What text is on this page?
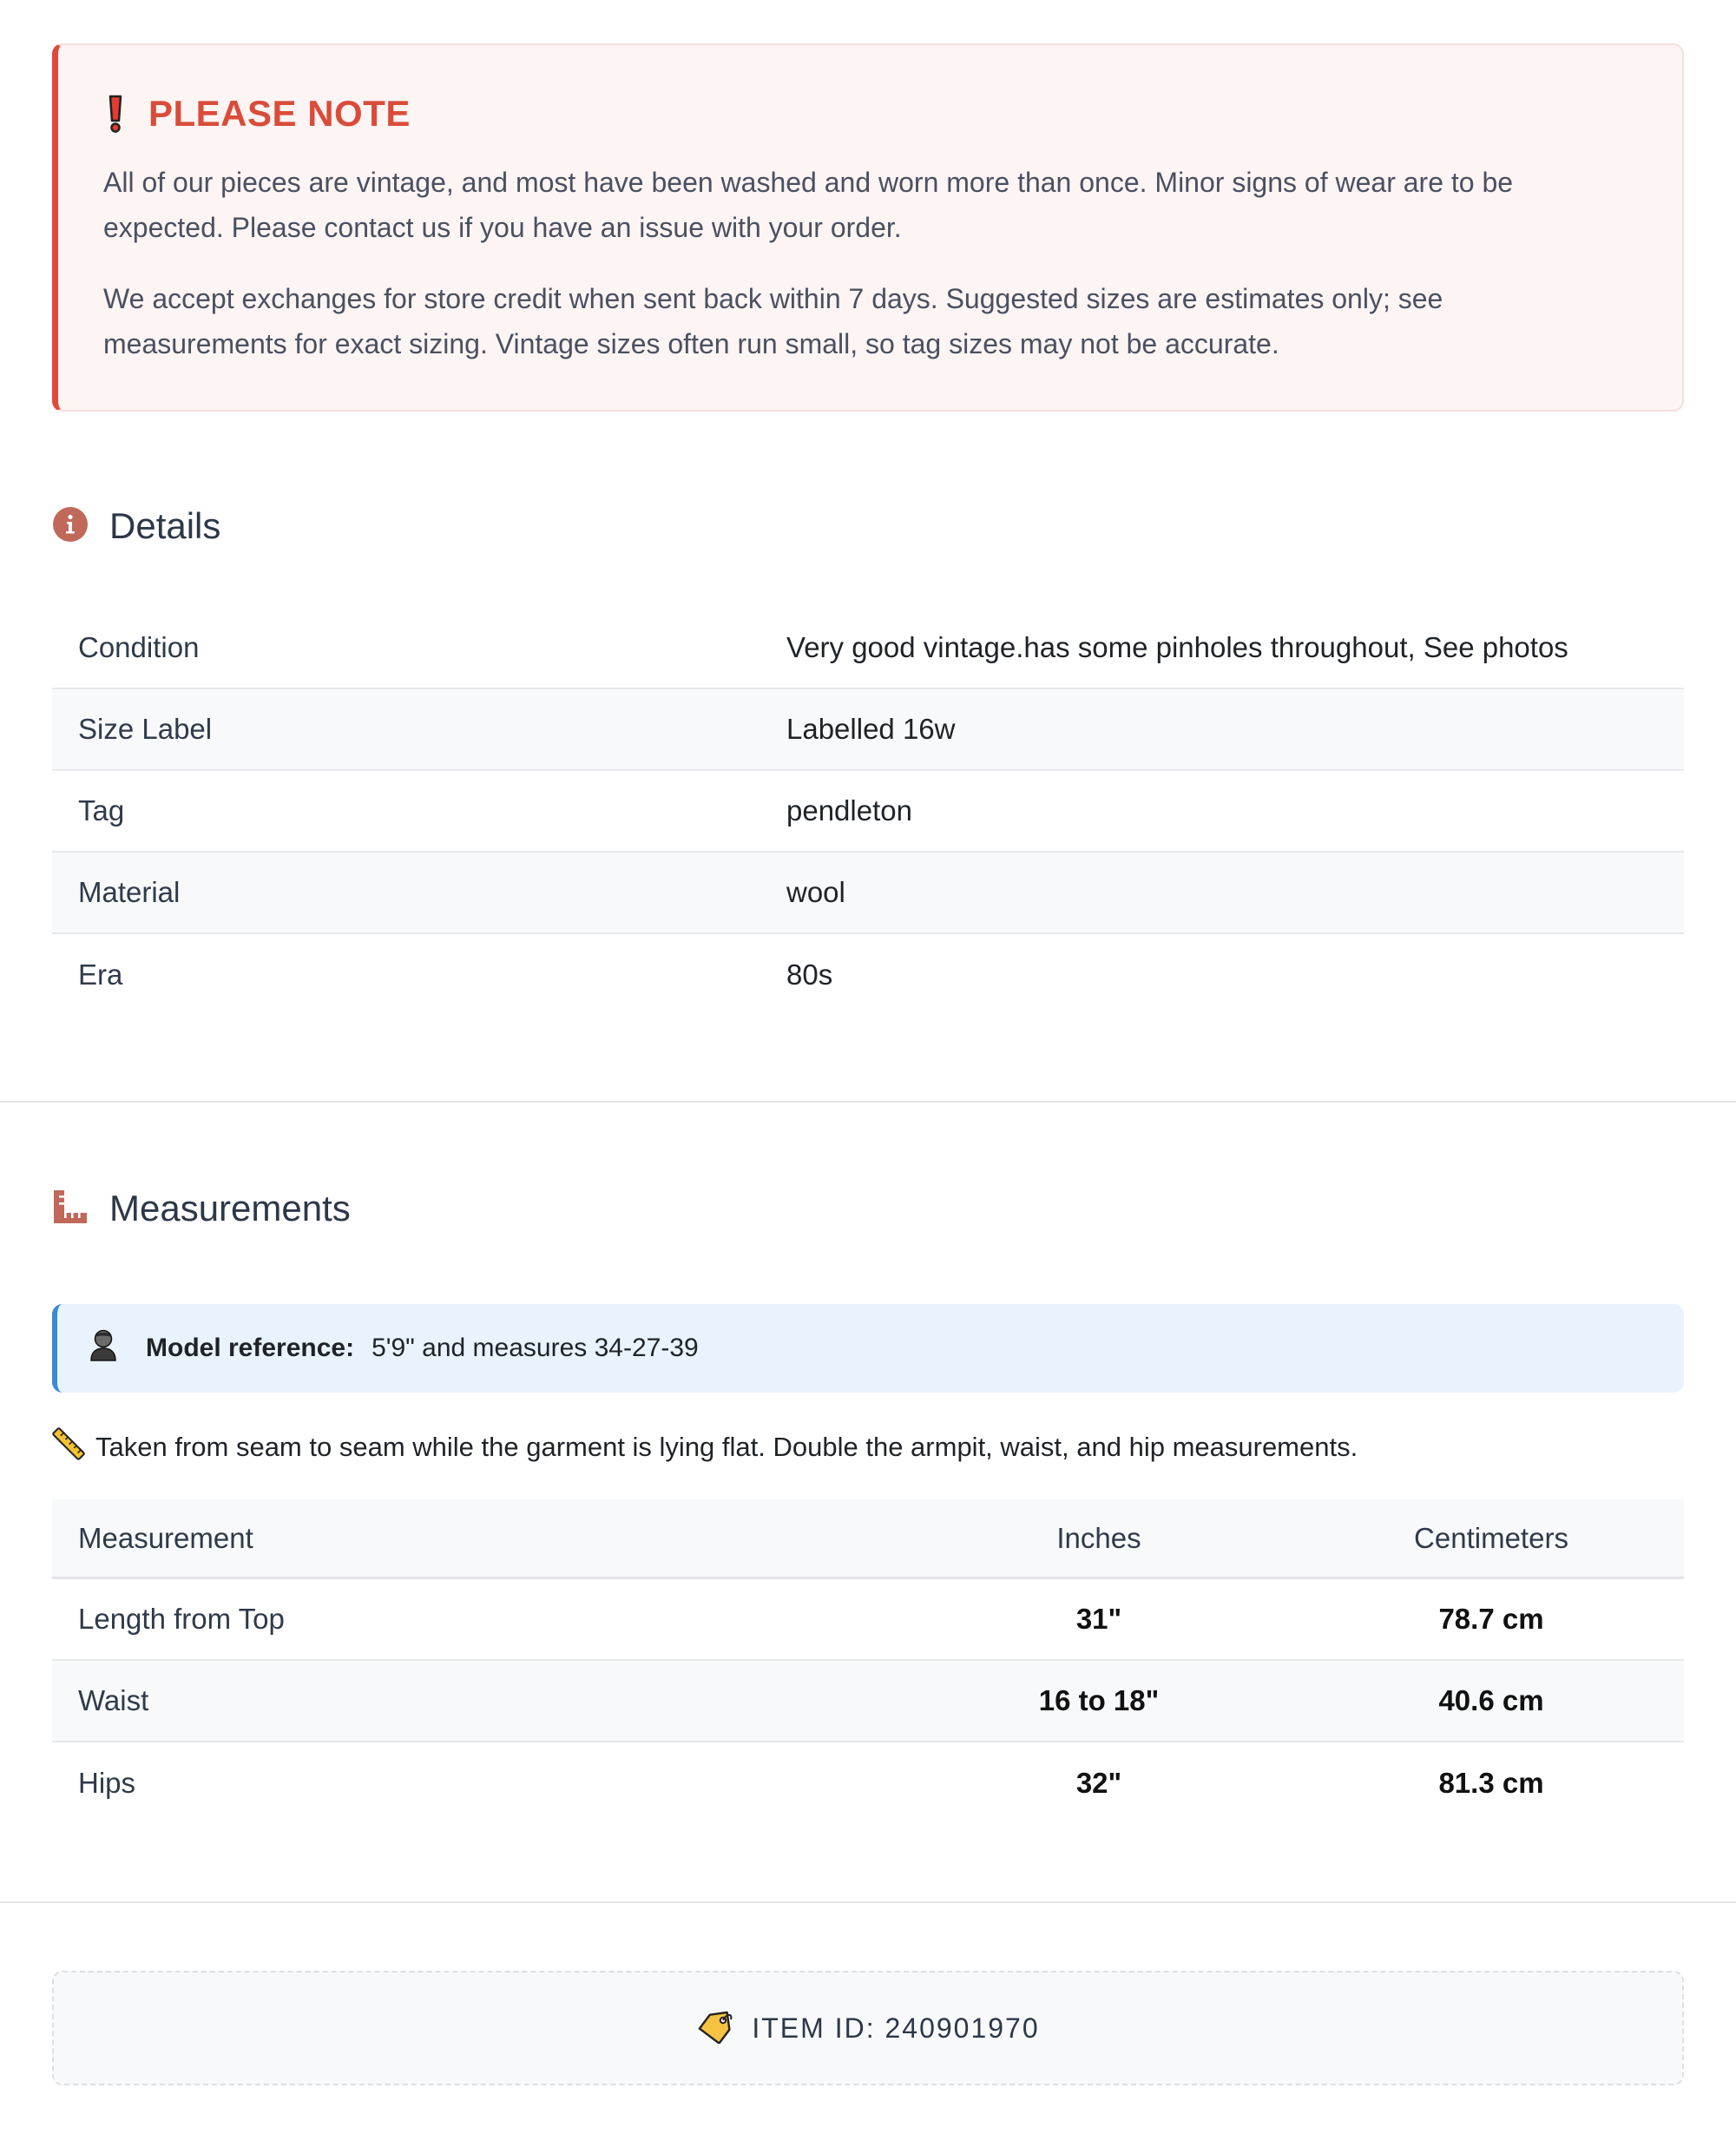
PLEASE NOTE

All of our pieces are vintage, and most have been washed and worn more than once. Minor signs of wear are to be expected. Please contact us if you have an issue with your order.

We accept exchanges for store credit when sent back within 7 days. Suggested sizes are estimates only; see measurements for exact sizing. Vintage sizes often run small, so tag sizes may not be accurate.

Details
Condition	Very good vintage.has some pinholes throughout, See photos
Size Label	Labelled 16w
Tag	pendleton
Material	wool
Era	80s
Measurements
Model reference: 5'9" and measures 34-27-39
Taken from seam to seam while the garment is lying flat. Double the armpit, waist, and hip measurements.
Measurement	Inches	Centimeters
Length from Top	31"	78.7 cm
Waist	16 to 18"	40.6 cm
Hips	32"	81.3 cm
ITEM ID: 240901970
